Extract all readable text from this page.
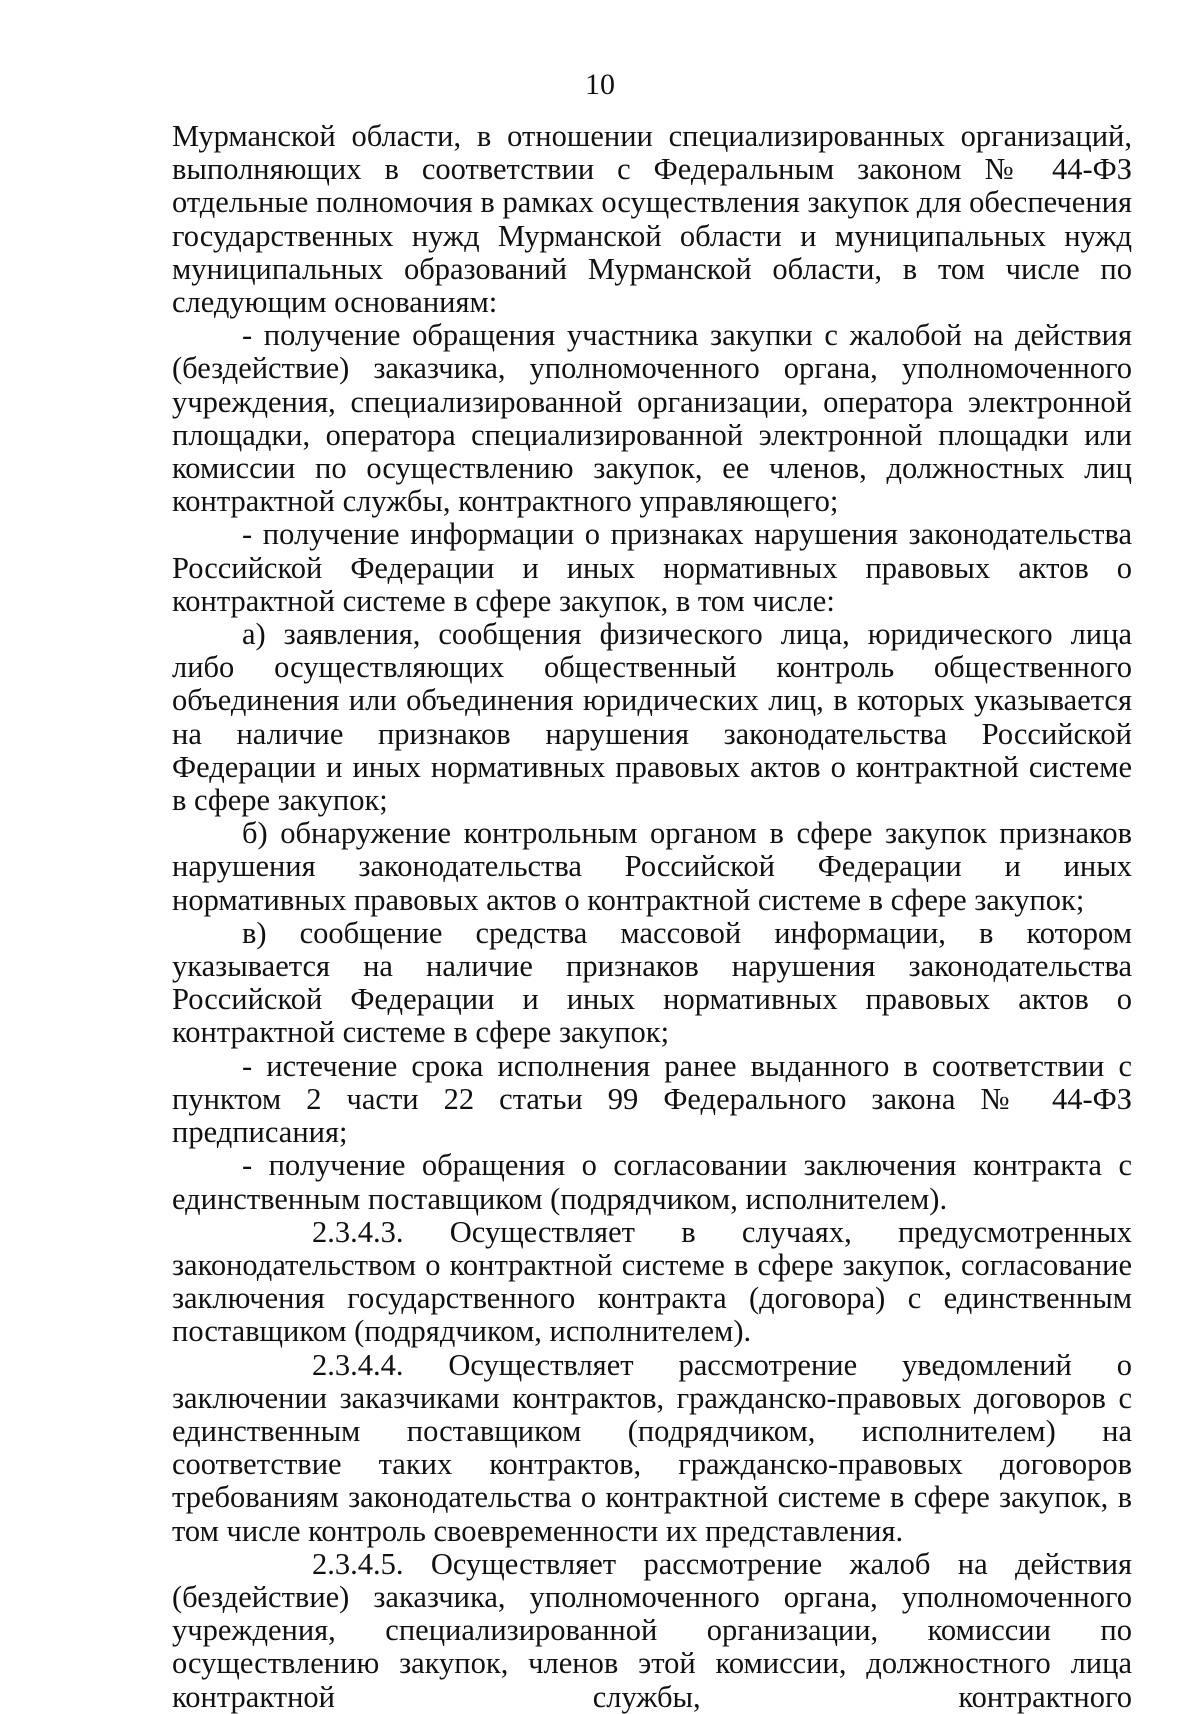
10

Мурманской области, в отношении специализированных организаций, выполняющих в соответствии с Федеральным законом № 44-ФЗ отдельные полномочия в рамках осуществления закупок для обеспечения государственных нужд Мурманской области и муниципальных нужд муниципальных образований Мурманской области, в том числе по следующим основаниям:

- получение обращения участника закупки с жалобой на действия (бездействие) заказчика, уполномоченного органа, уполномоченного учреждения, специализированной организации, оператора электронной площадки, оператора специализированной электронной площадки или комиссии по осуществлению закупок, ее членов, должностных лиц контрактной службы, контрактного управляющего;

- получение информации о признаках нарушения законодательства Российской Федерации и иных нормативных правовых актов о контрактной системе в сфере закупок, в том числе:

а) заявления, сообщения физического лица, юридического лица либо осуществляющих общественный контроль общественного объединения или объединения юридических лиц, в которых указывается на наличие признаков нарушения законодательства Российской Федерации и иных нормативных правовых актов о контрактной системе в сфере закупок;

б) обнаружение контрольным органом в сфере закупок признаков нарушения законодательства Российской Федерации и иных нормативных правовых актов о контрактной системе в сфере закупок;

в) сообщение средства массовой информации, в котором указывается на наличие признаков нарушения законодательства Российской Федерации и иных нормативных правовых актов о контрактной системе в сфере закупок;

- истечение срока исполнения ранее выданного в соответствии с пунктом 2 части 22 статьи 99 Федерального закона № 44-ФЗ предписания;

- получение обращения о согласовании заключения контракта с единственным поставщиком (подрядчиком, исполнителем).

2.3.4.3. Осуществляет в случаях, предусмотренных законодательством о контрактной системе в сфере закупок, согласование заключения государственного контракта (договора) с единственным поставщиком (подрядчиком, исполнителем).

2.3.4.4. Осуществляет рассмотрение уведомлений о заключении заказчиками контрактов, гражданско-правовых договоров с единственным поставщиком (подрядчиком, исполнителем) на соответствие таких контрактов, гражданско-правовых договоров требованиям законодательства о контрактной системе в сфере закупок, в том числе контроль своевременности их представления.

2.3.4.5. Осуществляет рассмотрение жалоб на действия (бездействие) заказчика, уполномоченного органа, уполномоченного учреждения, специализированной организации, комиссии по осуществлению закупок, членов этой комиссии, должностного лица контрактной службы, контрактного
